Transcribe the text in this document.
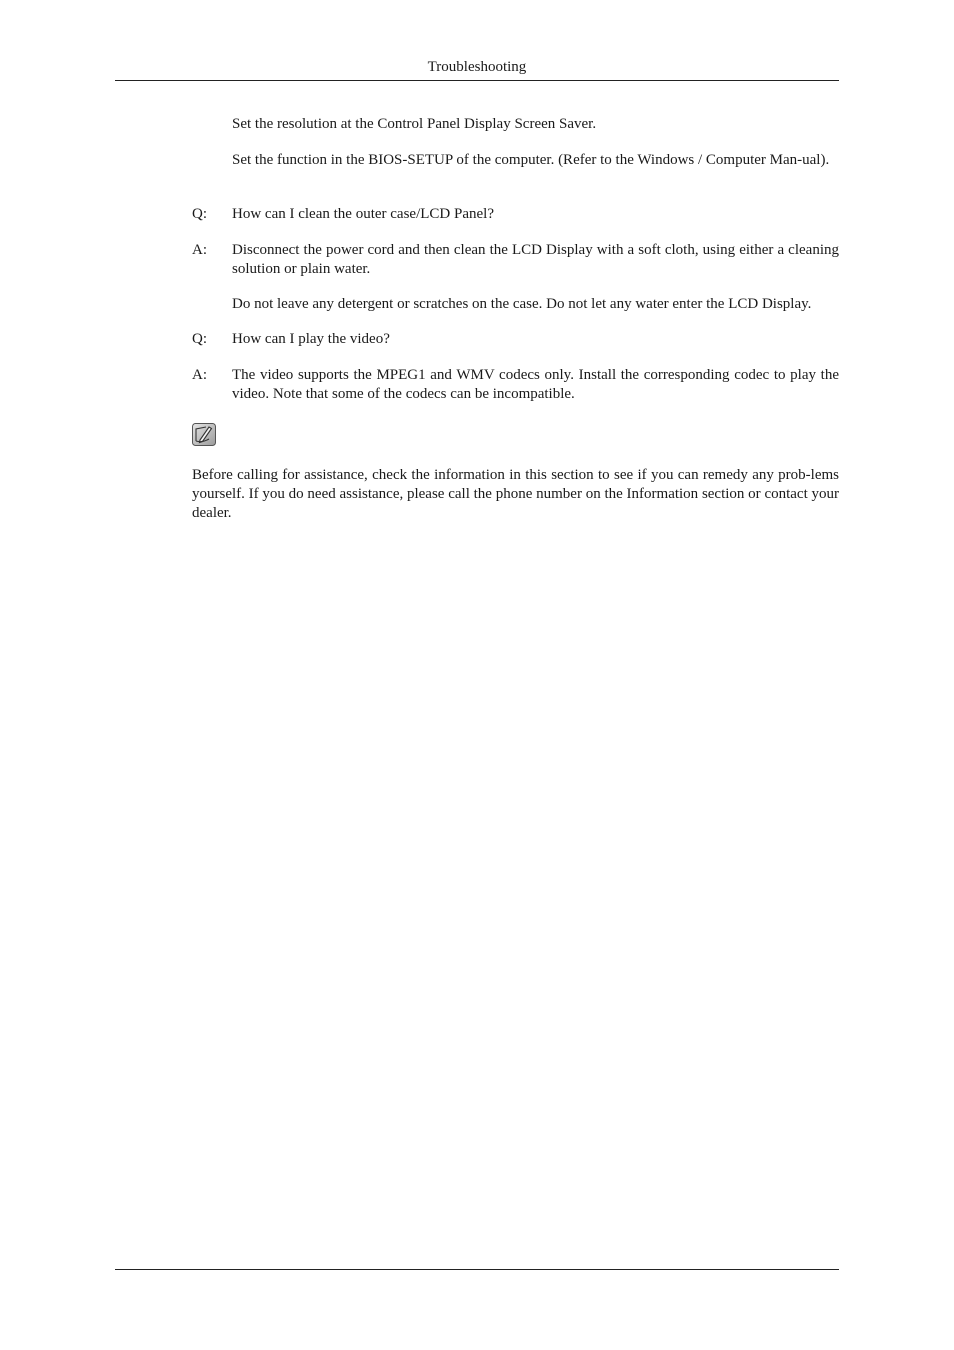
Troubleshooting
Set the resolution at the Control Panel Display Screen Saver.
Set the function in the BIOS-SETUP of the computer. (Refer to the Windows / Computer Man-ual).
Q: How can I clean the outer case/LCD Panel?
A: Disconnect the power cord and then clean the LCD Display with a soft cloth, using either a cleaning solution or plain water.
Do not leave any detergent or scratches on the case. Do not let any water enter the LCD Display.
Q: How can I play the video?
A: The video supports the MPEG1 and WMV codecs only. Install the corresponding codec to play the video. Note that some of the codecs can be incompatible.
Before calling for assistance, check the information in this section to see if you can remedy any prob-lems yourself. If you do need assistance, please call the phone number on the Information section or contact your dealer.
